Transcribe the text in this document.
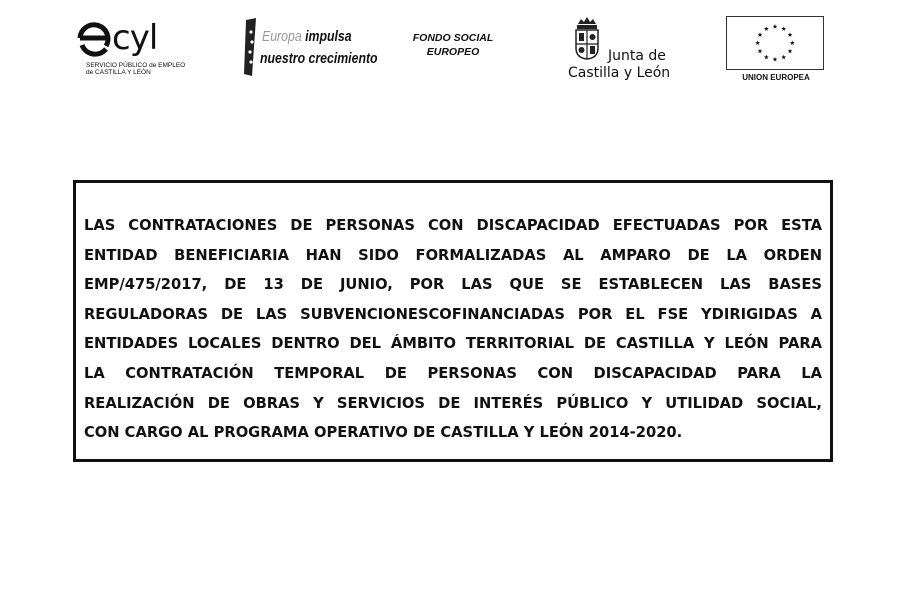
cyl
SERVICIO PÚBLICO de EMPLEO
de CASTILLA Y LEÓN
Europa impulsa
nuestro crecimiento
FONDO SOCIAL
EUROPEO	Junta de
Castilla y León	UNION EUROPEA

LAS CONTRATACIONES DE PERSONAS CON DISCAPACIDAD EFECTUADAS POR ESTA
ENTIDAD BENEFICIARIA HAN SIDO FORMALIZADAS AL AMPARO DE LA ORDEN
EMP/475/2017, DE 13 DE JUNIO, POR LAS QUE SE ESTABLECEN LAS BASES
REGULADORAS DE LAS SUBVENCIONESCOFINANCIADAS POR EL FSE YDIRIGIDAS A
ENTIDADES LOCALES DENTRO DEL ÁMBITO TERRITORIAL DE CASTILLA Y LEÓN PARA
LA CONTRATACIÓN TEMPORAL DE PERSONAS CON DISCAPACIDAD PARA LA
REALIZACIÓN DE OBRAS Y SERVICIOS DE INTERÉS PÚBLICO Y UTILIDAD SOCIAL,
CON CARGO AL PROGRAMA OPERATIVO DE CASTILLA Y LEÓN 2014-2020.
